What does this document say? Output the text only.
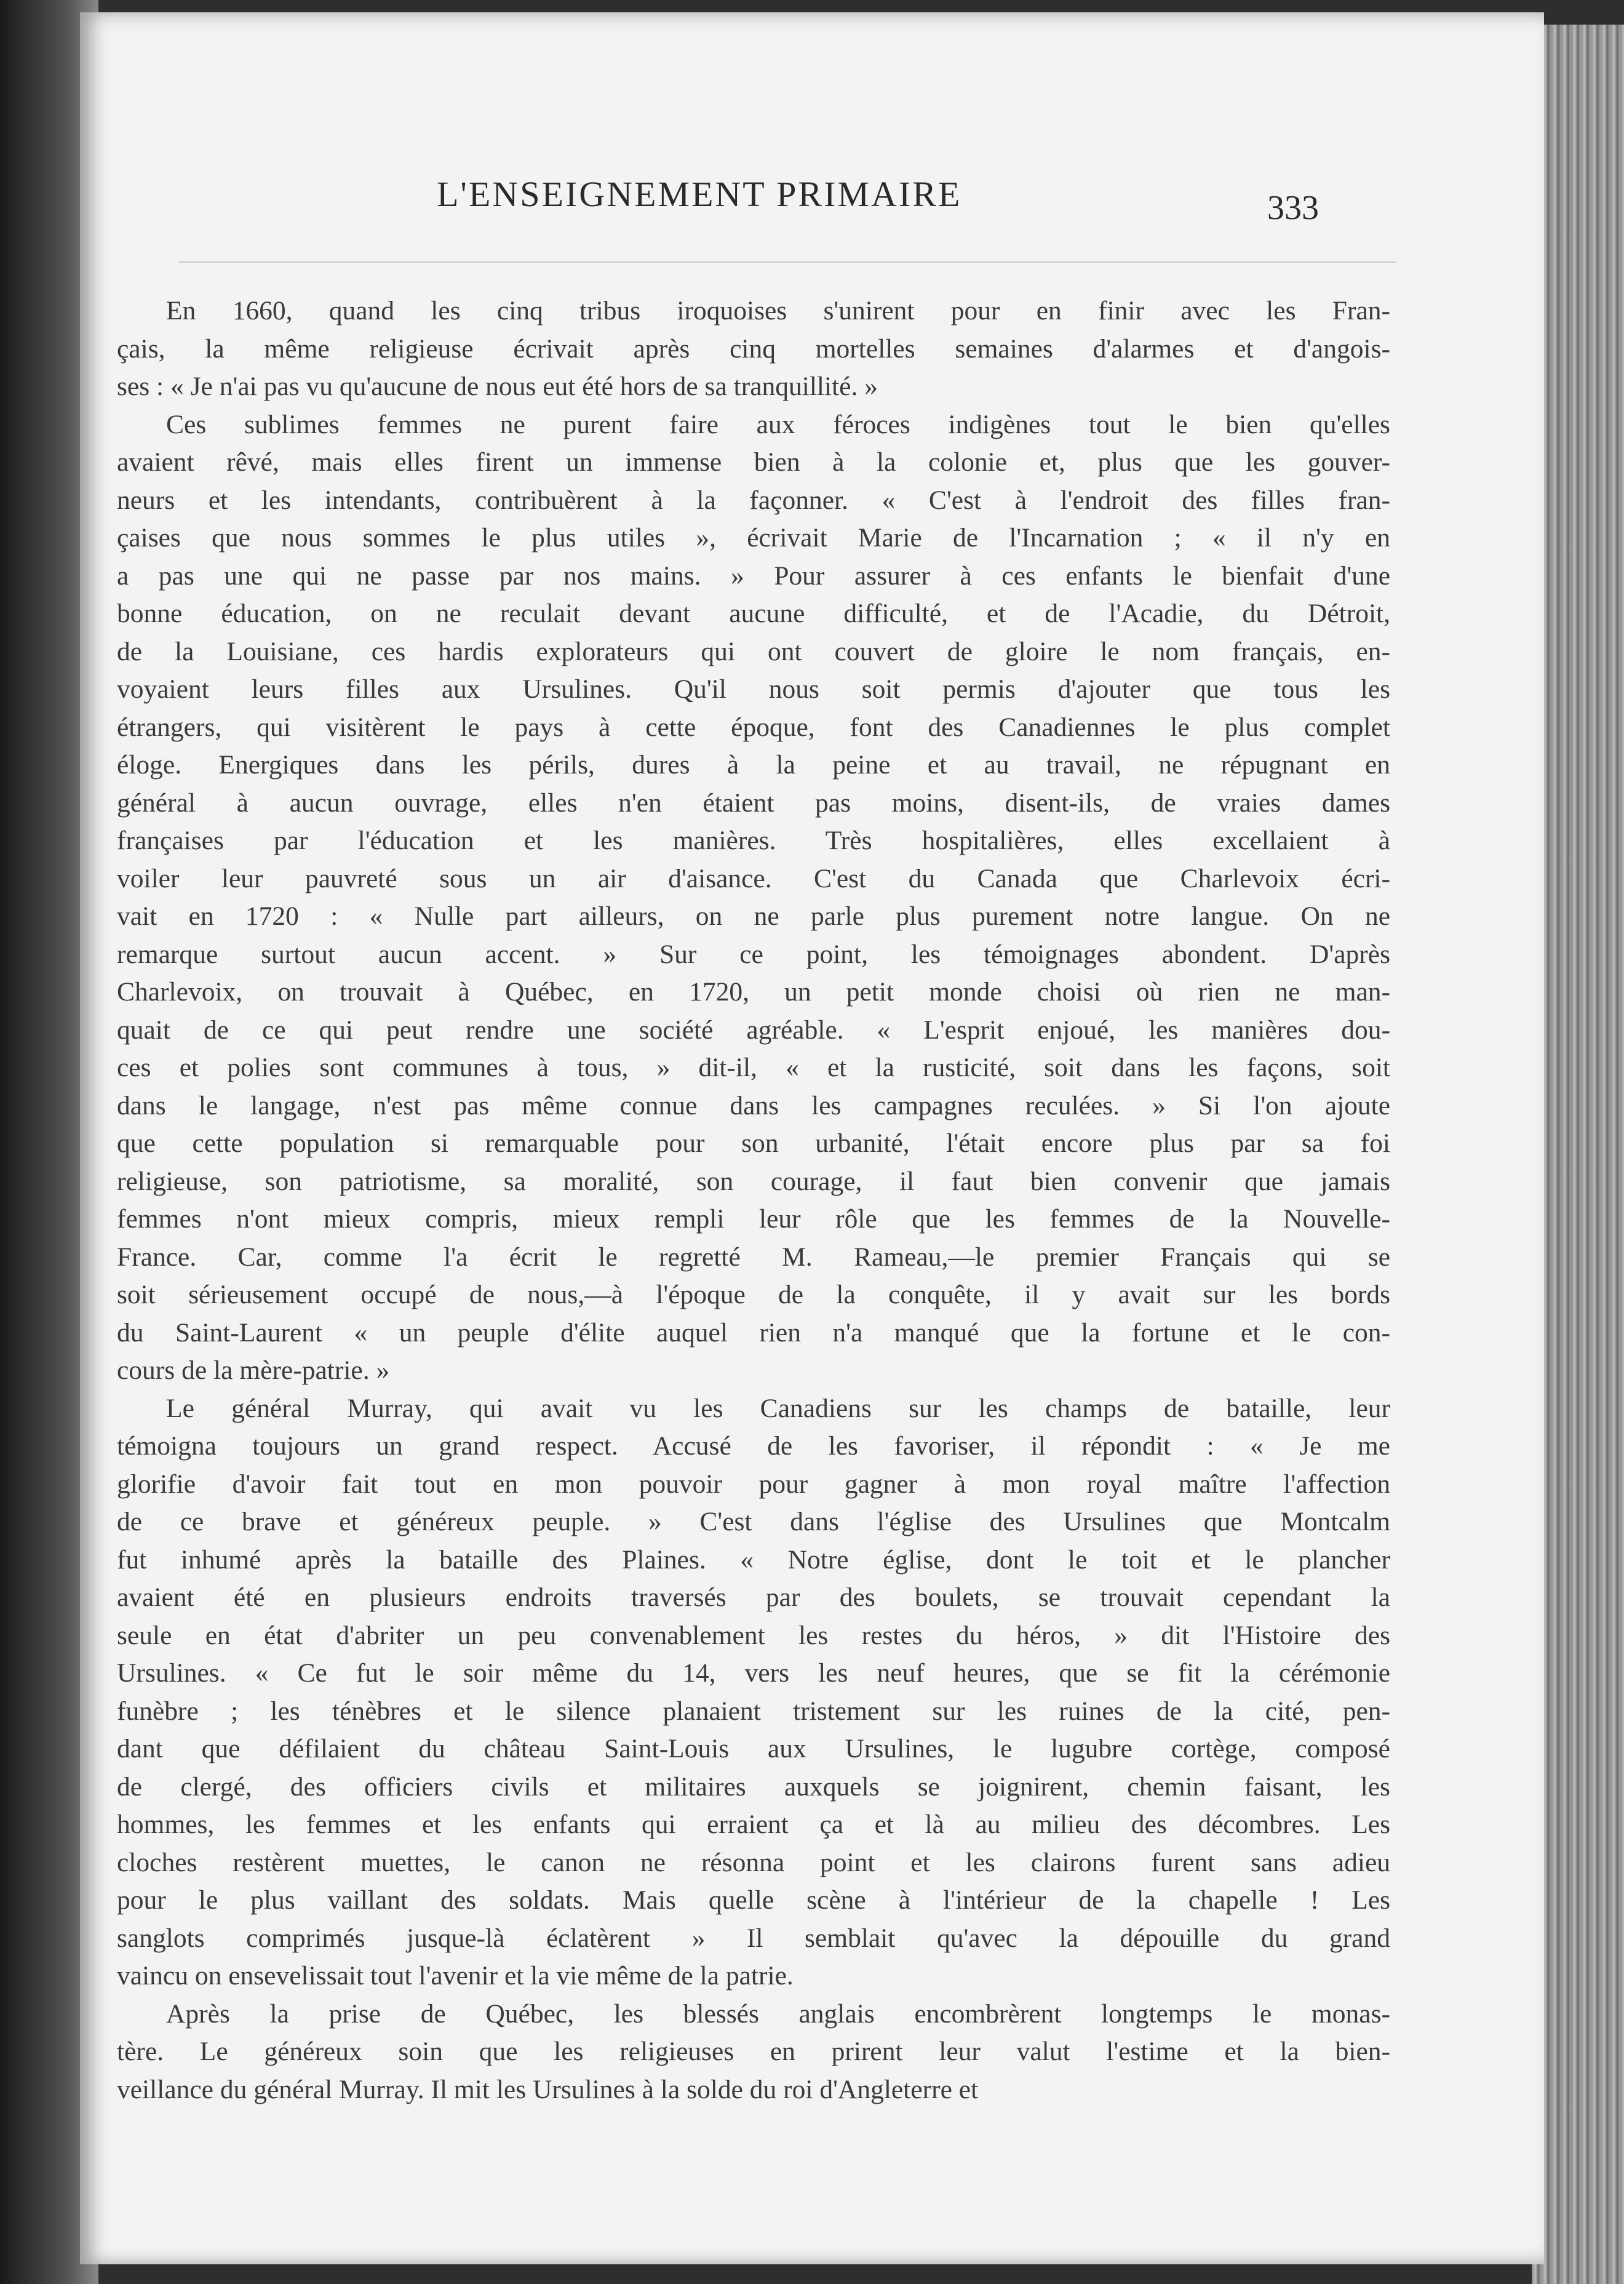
L'ENSEIGNEMENT PRIMAIRE	333
En 1660, quand les cinq tribus iroquoises s'unirent pour en finir avec les Fran-
çais, la même religieuse écrivait après cinq mortelles semaines d'alarmes et d'angois-
ses : « Je n'ai pas vu qu'aucune de nous eut été hors de sa tranquillité. »
Ces sublimes femmes ne purent faire aux féroces indigènes tout le bien qu'elles
avaient rêvé, mais elles firent un immense bien à la colonie et, plus que les gouver-
neurs et les intendants, contribuèrent à la façonner. « C'est à l'endroit des filles fran-
çaises que nous sommes le plus utiles », écrivait Marie de l'Incarnation ; « il n'y en
a pas une qui ne passe par nos mains. » Pour assurer à ces enfants le bienfait d'une
bonne éducation, on ne reculait devant aucune difficulté, et de l'Acadie, du Détroit,
de la Louisiane, ces hardis explorateurs qui ont couvert de gloire le nom français, en-
voyaient leurs filles aux Ursulines. Qu'il nous soit permis d'ajouter que tous les
étrangers, qui visitèrent le pays à cette époque, font des Canadiennes le plus complet
éloge. Energiques dans les périls, dures à la peine et au travail, ne répugnant en
général à aucun ouvrage, elles n'en étaient pas moins, disent-ils, de vraies dames
françaises par l'éducation et les manières. Très hospitalières, elles excellaient à
voiler leur pauvreté sous un air d'aisance. C'est du Canada que Charlevoix écri-
vait en 1720 : « Nulle part ailleurs, on ne parle plus purement notre langue. On ne
remarque surtout aucun accent. » Sur ce point, les témoignages abondent. D'après
Charlevoix, on trouvait à Québec, en 1720, un petit monde choisi où rien ne man-
quait de ce qui peut rendre une société agréable. « L'esprit enjoué, les manières dou-
ces et polies sont communes à tous, » dit-il, « et la rusticité, soit dans les façons, soit
dans le langage, n'est pas même connue dans les campagnes reculées. » Si l'on ajoute
que cette population si remarquable pour son urbanité, l'était encore plus par sa foi
religieuse, son patriotisme, sa moralité, son courage, il faut bien convenir que jamais
femmes n'ont mieux compris, mieux rempli leur rôle que les femmes de la Nouvelle-
France. Car, comme l'a écrit le regretté M. Rameau,—le premier Français qui se
soit sérieusement occupé de nous,—à l'époque de la conquête, il y avait sur les bords
du Saint-Laurent « un peuple d'élite auquel rien n'a manqué que la fortune et le con-
cours de la mère-patrie. »
Le général Murray, qui avait vu les Canadiens sur les champs de bataille, leur
témoigna toujours un grand respect. Accusé de les favoriser, il répondit : « Je me
glorifie d'avoir fait tout en mon pouvoir pour gagner à mon royal maître l'affection
de ce brave et généreux peuple. » C'est dans l'église des Ursulines que Montcalm
fut inhumé après la bataille des Plaines. « Notre église, dont le toit et le plancher
avaient été en plusieurs endroits traversés par des boulets, se trouvait cependant la
seule en état d'abriter un peu convenablement les restes du héros, » dit l'Histoire des
Ursulines. « Ce fut le soir même du 14, vers les neuf heures, que se fit la cérémonie
funèbre ; les ténèbres et le silence planaient tristement sur les ruines de la cité, pen-
dant que défilaient du château Saint-Louis aux Ursulines, le lugubre cortège, composé
de clergé, des officiers civils et militaires auxquels se joignirent, chemin faisant, les
hommes, les femmes et les enfants qui erraient ça et là au milieu des décombres. Les
cloches restèrent muettes, le canon ne résonna point et les clairons furent sans adieu
pour le plus vaillant des soldats. Mais quelle scène à l'intérieur de la chapelle ! Les
sanglots comprimés jusque-là éclatèrent » Il semblait qu'avec la dépouille du grand
vaincu on ensevelissait tout l'avenir et la vie même de la patrie.
Après la prise de Québec, les blessés anglais encombrèrent longtemps le monas-
tère. Le généreux soin que les religieuses en prirent leur valut l'estime et la bien-
veillance du général Murray. Il mit les Ursulines à la solde du roi d'Angleterre et
